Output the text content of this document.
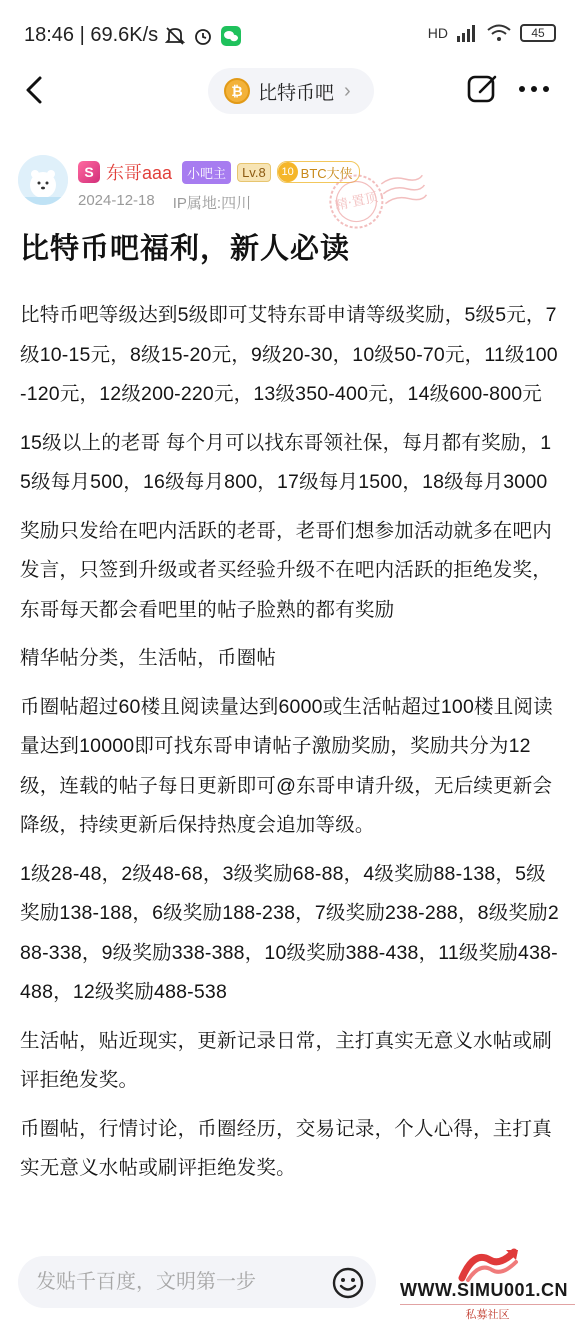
18:46 | 69.6K/s	HD	45
₿ 比特币吧 ›
S 东哥aaa	小吧主	Lv.8	10 BTC大侠
2024-12-18 IP属地:四川	精·置顶
比特币吧福利，新人必读

比特币吧等级达到5级即可艾特东哥申请等级奖励，5级5元，7级10-15元，8级15-20元，9级20-30，10级50-70元，11级100-120元，12级200-220元，13级350-400元，14级600-800元

15级以上的老哥 每个月可以找东哥领社保，每月都有奖励，15级每月500，16级每月800，17级每月1500，18级每月3000

奖励只发给在吧内活跃的老哥，老哥们想参加活动就多在吧内发言，只签到升级或者买经验升级不在吧内活跃的拒绝发奖，东哥每天都会看吧里的帖子脸熟的都有奖励

精华帖分类，生活帖，币圈帖

币圈帖超过60楼且阅读量达到6000或生活帖超过100楼且阅读量达到10000即可找东哥申请帖子激励奖励，奖励共分为12级，连载的帖子每日更新即可@东哥申请升级，无后续更新会降级，持续更新后保持热度会追加等级。

1级28-48，2级48-68，3级奖励68-88，4级奖励88-138，5级奖励138-188，6级奖励188-238，7级奖励238-288，8级奖励288-338，9级奖励338-388，10级奖励388-438，11级奖励438-488，12级奖励488-538

生活帖，贴近现实，更新记录日常，主打真实无意义水帖或刷评拒绝发奖。

币圈帖，行情讨论，币圈经历，交易记录，个人心得，主打真实无意义水帖或刷评拒绝发奖。

发贴千百度，文明第一步
WWW.SIMU001.CN
私募社区
